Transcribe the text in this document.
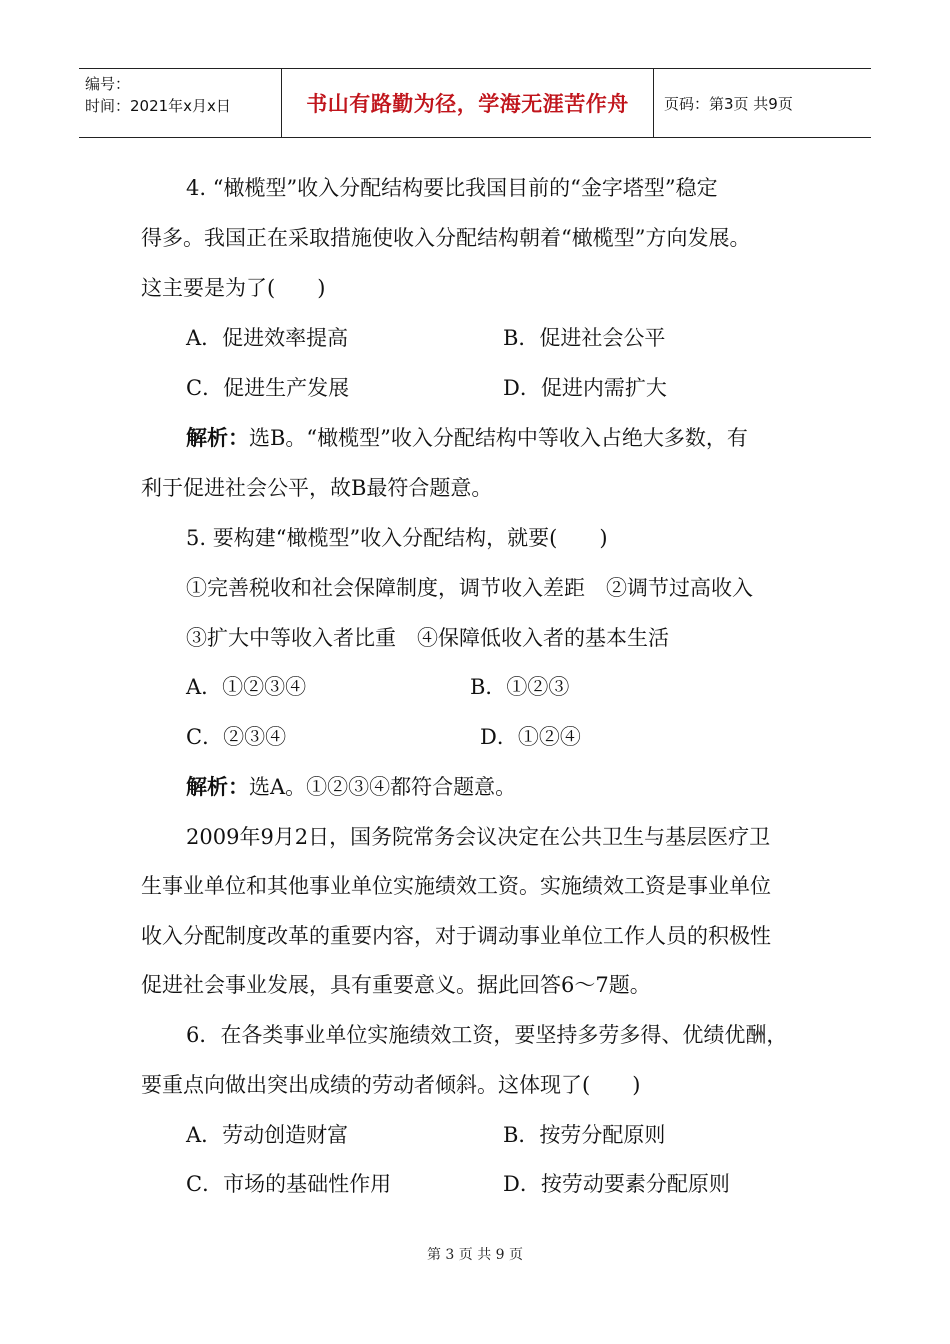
编号：
时间：2021年x月x日	书山有路勤为径，学海无涯苦作舟	页码：第3页 共9页
4. “橄榄型”收入分配结构要比我国目前的“金字塔型”稳定
得多。我国正在采取措施使收入分配结构朝着“橄榄型”方向发展。
这主要是为了(　　)
A．促进效率提高	B．促进社会公平
C．促进生产发展	D．促进内需扩大
解析：选B。“橄榄型”收入分配结构中等收入占绝大多数，有
利于促进社会公平，故B最符合题意。
5. 要构建“橄榄型”收入分配结构，就要(　　)
①完善税收和社会保障制度，调节收入差距　②调节过高收入
③扩大中等收入者比重　④保障低收入者的基本生活
A．①②③④	B．①②③
C．②③④	D．①②④
解析：选A。①②③④都符合题意。
2009年9月2日，国务院常务会议决定在公共卫生与基层医疗卫
生事业单位和其他事业单位实施绩效工资。实施绩效工资是事业单位
收入分配制度改革的重要内容，对于调动事业单位工作人员的积极性
促进社会事业发展，具有重要意义。据此回答6～7题。
6．在各类事业单位实施绩效工资，要坚持多劳多得、优绩优酬，
要重点向做出突出成绩的劳动者倾斜。这体现了(　　)
A．劳动创造财富	B．按劳分配原则
C．市场的基础性作用	D．按劳动要素分配原则
第 3 页 共 9 页
